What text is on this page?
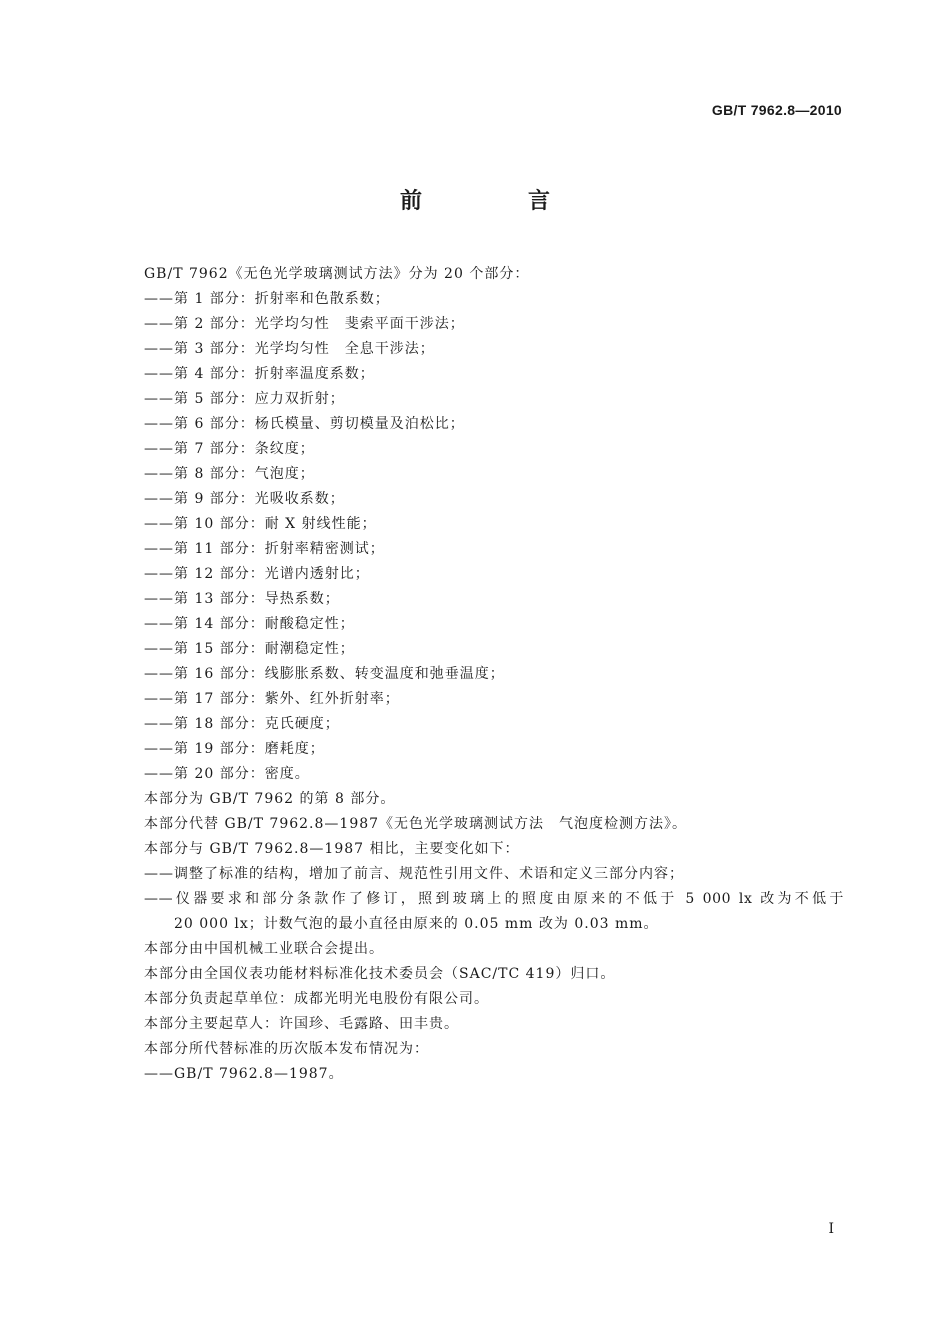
GB/T 7962.8—2010
前　言
GB/T 7962《无色光学玻璃测试方法》分为 20 个部分：
——第 1 部分：折射率和色散系数；
——第 2 部分：光学均匀性　斐索平面干涉法；
——第 3 部分：光学均匀性　全息干涉法；
——第 4 部分：折射率温度系数；
——第 5 部分：应力双折射；
——第 6 部分：杨氏模量、剪切模量及泊松比；
——第 7 部分：条纹度；
——第 8 部分：气泡度；
——第 9 部分：光吸收系数；
——第 10 部分：耐 X 射线性能；
——第 11 部分：折射率精密测试；
——第 12 部分：光谱内透射比；
——第 13 部分：导热系数；
——第 14 部分：耐酸稳定性；
——第 15 部分：耐潮稳定性；
——第 16 部分：线膨胀系数、转变温度和弛垂温度；
——第 17 部分：紫外、红外折射率；
——第 18 部分：克氏硬度；
——第 19 部分：磨耗度；
——第 20 部分：密度。
本部分为 GB/T 7962 的第 8 部分。
本部分代替 GB/T 7962.8—1987《无色光学玻璃测试方法　气泡度检测方法》。
本部分与 GB/T 7962.8—1987 相比，主要变化如下：
——调整了标准的结构，增加了前言、规范性引用文件、术语和定义三部分内容；
——仪器要求和部分条款作了修订，照到玻璃上的照度由原来的不低于 5 000 lx 改为不低于
20 000 lx；计数气泡的最小直径由原来的 0.05 mm 改为 0.03 mm。
本部分由中国机械工业联合会提出。
本部分由全国仪表功能材料标准化技术委员会（SAC/TC 419）归口。
本部分负责起草单位：成都光明光电股份有限公司。
本部分主要起草人：许国珍、毛露路、田丰贵。
本部分所代替标准的历次版本发布情况为：
——GB/T 7962.8—1987。
I
